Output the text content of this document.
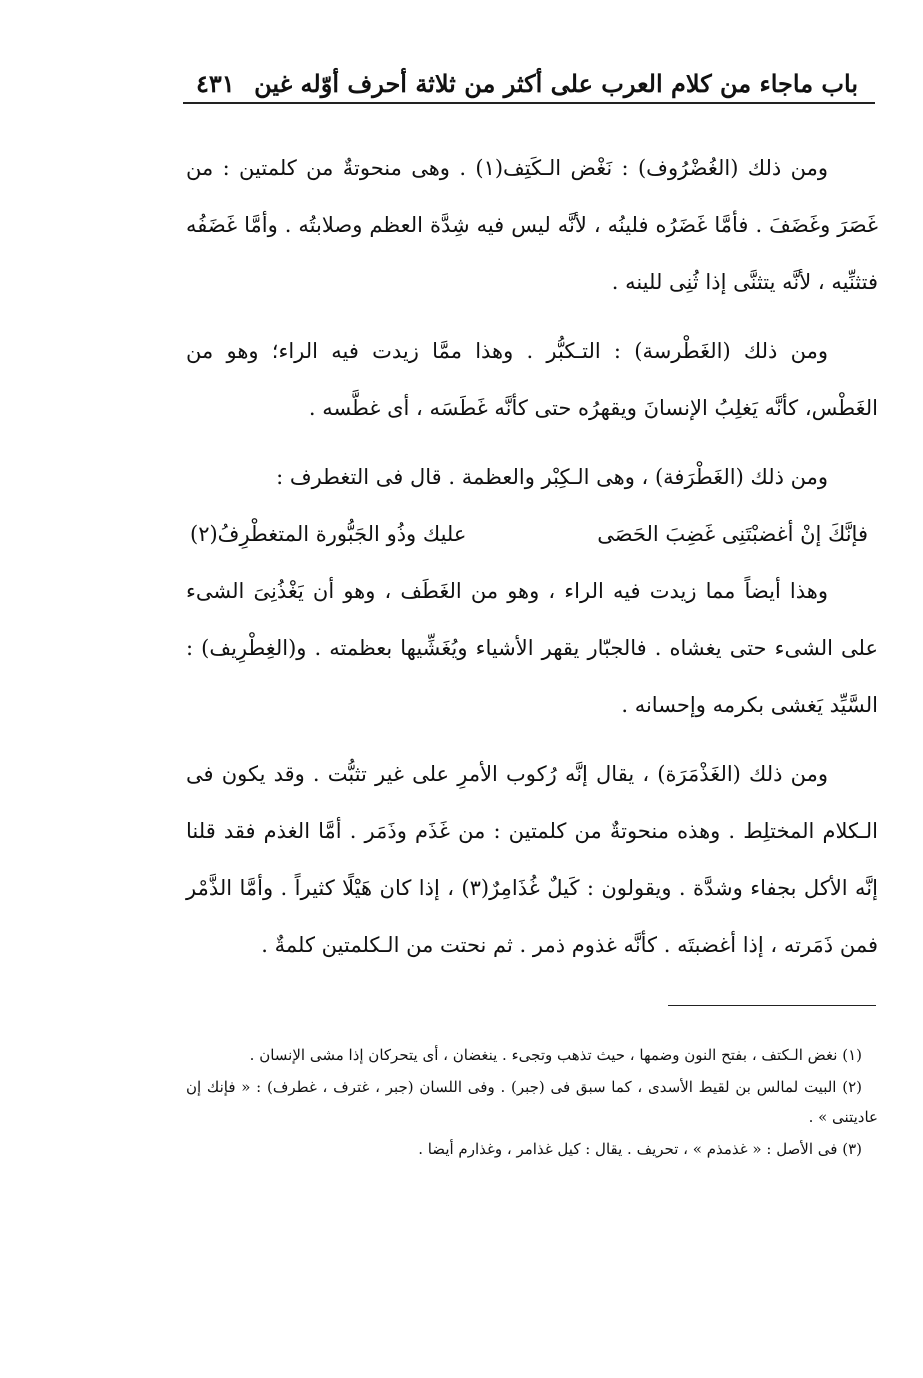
باب ماجاء من كلام العرب على أكثر من ثلاثة أحرف أوّله غين
٤٣١

ومن ذلك (الغُضْرُوف) : نَغْض الـكَتِف(١) . وهى منحوتةٌ من كلمتين : من غَصَرَ وغَضَفَ . فأمَّا غَضَرُه فلينُه ، لأنَّه ليس فيه شِدَّة العظم وصلابتُه . وأمَّا غَضَفُه فتثنِّيه ، لأنَّه يتثنَّى إذا ثُنِى للينه .

ومن ذلك (الغَطْرسة) : التـكبُّر . وهذا ممَّا زيدت فيه الراء؛ وهو من الغَطْس، كأنَّه يَغلِبُ الإنسانَ ويقهرُه حتى كأنَّه غَطَسَه ، أى غطَّسه .

ومن ذلك (الغَطْرَفة) ، وهى الـكِبْر والعظمة . قال فى التغطرف :

فإنَّكَ إنْ أغضبْتَنِى غَضِبَ الحَصَى
عليك وذُو الجَبُّورة المتغطْرِفُ(٢)

وهذا أيضاً مما زيدت فيه الراء ، وهو من الغَطَف ، وهو أن يَغْذُنِىَ الشىء على الشىء حتى يغشاه . فالجبّار يقهر الأشياء ويُغَشِّيها بعظمته . و(الغِطْرِيف) : السَّيِّد يَغشى بكرمه وإحسانه .

ومن ذلك (الغَذْمَرَة) ، يقال إنَّه رُكوب الأمرِ على غير تثبُّت . وقد يكون فى الـكلام المختلِط . وهذه منحوتةٌ من كلمتين : من غَذَم وذَمَر . أمَّا الغذم فقد قلنا إنَّه الأكل بجفاء وشدَّة . ويقولون : كَيلٌ غُذَامِرٌ(٣) ، إذا كان هَيْلًا كثيراً . وأمَّا الذَّمْر فمن ذَمَرته ، إذا أغضبتَه . كأنَّه غذوم ذمر . ثم نحتت من الـكلمتين كلمةٌ .

(١) نغض الـكتف ، بفتح النون وضمها ، حيث تذهب وتجىء . ينغضان ، أى يتحركان إذا مشى الإنسان .

(٢) البيت لمالس بن لقيط الأسدى ، كما سبق فى (جبر) . وفى اللسان (جبر ، غترف ، غطرف) : « فإنك إن عاديتنى » .

(٣) فى الأصل : « غذمذم » ، تحريف . يقال : كيل غذامر ، وغذارم أيضا .
